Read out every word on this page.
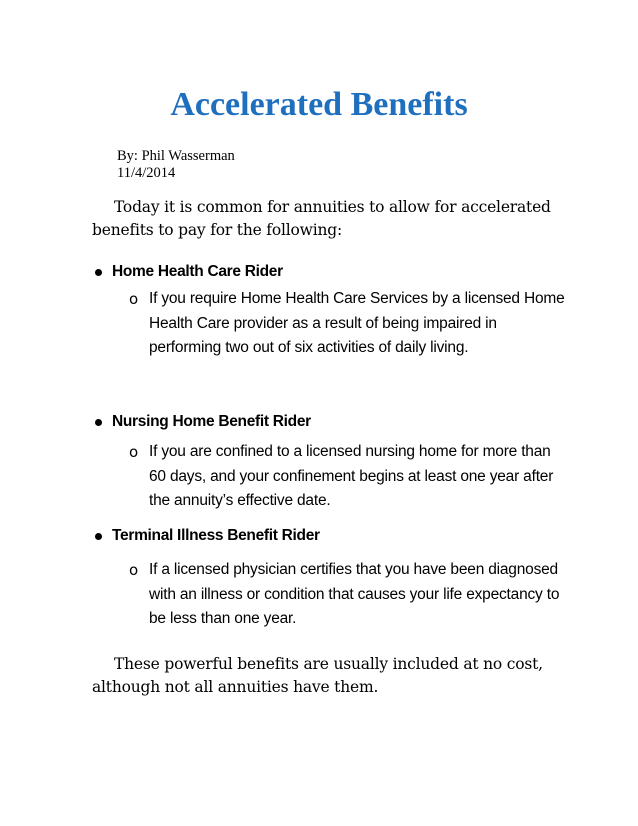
Accelerated Benefits
By: Phil Wasserman
11/4/2014

Today it is common for annuities to allow for accelerated benefits to pay for the following:

Home Health Care Rider
o If you require Home Health Care Services by a licensed Home Health Care provider as a result of being impaired in performing two out of six activities of daily living.
Nursing Home Benefit Rider
o If you are confined to a licensed nursing home for more than 60 days, and your confinement begins at least one year after the annuity’s effective date.
Terminal Illness Benefit Rider
o If a licensed physician certifies that you have been diagnosed with an illness or condition that causes your life expectancy to be less than one year.

These powerful benefits are usually included at no cost, although not all annuities have them.
